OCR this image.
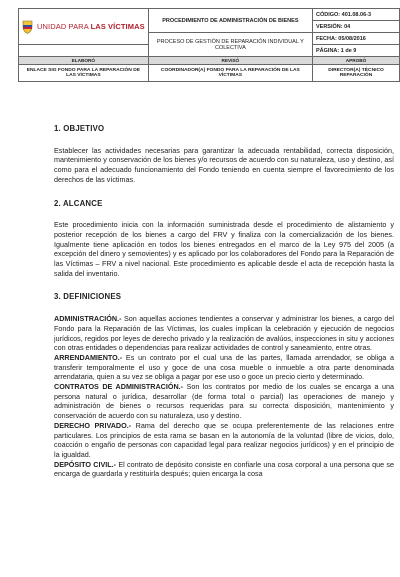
UNIDAD PARA LAS VÍCTIMAS	PROCEDIMIENTO DE ADMINISTRACIÓN DE BIENES	CÓDIGO: 401.08.06-3
		VERSIÓN: 04
	PROCESO DE GESTIÓN DE REPARACIÓN INDIVIDUAL Y COLECTIVA	FECHA: 05/08/2016
		PÁGINA: 1 de 9
ELABORÓ	REVISÓ	APROBÓ
ENLACE SIG FONDO PARA LA REPARACIÓN DE LAS VÍCTIMAS	COORDINADOR(A) FONDO PARA LA REPARACIÓN DE LAS VÍCTIMAS	DIRECTOR(A) TÉCNICO REPARACIÓN
1. OBJETIVO

Establecer las actividades necesarias para garantizar la adecuada rentabilidad, correcta disposición, mantenimiento y conservación de los bienes y/o recursos de acuerdo con su naturaleza, uso y destino, así como para el adecuado funcionamiento del Fondo teniendo en cuenta siempre el favorecimiento de los derechos de las víctimas.

2. ALCANCE

Este procedimiento inicia con la información suministrada desde el procedimiento de alistamiento y posterior recepción de los bienes a cargo del FRV y finaliza con la comercialización de los bienes. Igualmente tiene aplicación en todos los bienes entregados en el marco de la Ley 975 del 2005 (a excepción del dinero y semovientes) y es aplicado por los colaboradores del Fondo para la Reparación de las Víctimas – FRV a nivel nacional. Este procedimiento es aplicable desde el acta de recepción hasta la salida del inventario.

3. DEFINICIONES

ADMINISTRACIÓN.- Son aquellas acciones tendientes a conservar y administrar los bienes, a cargo del Fondo para la Reparación de las Víctimas, los cuales implican la celebración y ejecución de negocios jurídicos, regidos por leyes de derecho privado y la realización de avalúos, inspecciones in situ y acciones con otras entidades o dependencias para realizar actividades de control y saneamiento, entre otras.

ARRENDAMIENTO.- Es un contrato por el cual una de las partes, llamada arrendador, se obliga a transferir temporalmente el uso y goce de una cosa mueble o inmueble a otra parte denominada arrendataria, quien a su vez se obliga a pagar por ese uso o goce un precio cierto y determinado.

CONTRATOS DE ADMINISTRACIÓN.- Son los contratos por medio de los cuales se encarga a una persona natural o jurídica, desarrollar (de forma total o parcial) las operaciones de manejo y administración de bienes o recursos requeridas para su correcta disposición, mantenimiento y conservación de acuerdo con su naturaleza, uso y destino.

DERECHO PRIVADO.- Rama del derecho que se ocupa preferentemente de las relaciones entre particulares. Los principios de esta rama se basan en la autonomía de la voluntad (libre de vicios, dolo, coacción o engaño de personas con capacidad legal para realizar negocios jurídicos) y en el principio de la igualdad.

DEPÓSITO CIVIL.- El contrato de depósito consiste en confiarle una cosa corporal a una persona que se encarga de guardarla y restituirla después; quien encarga la cosa
